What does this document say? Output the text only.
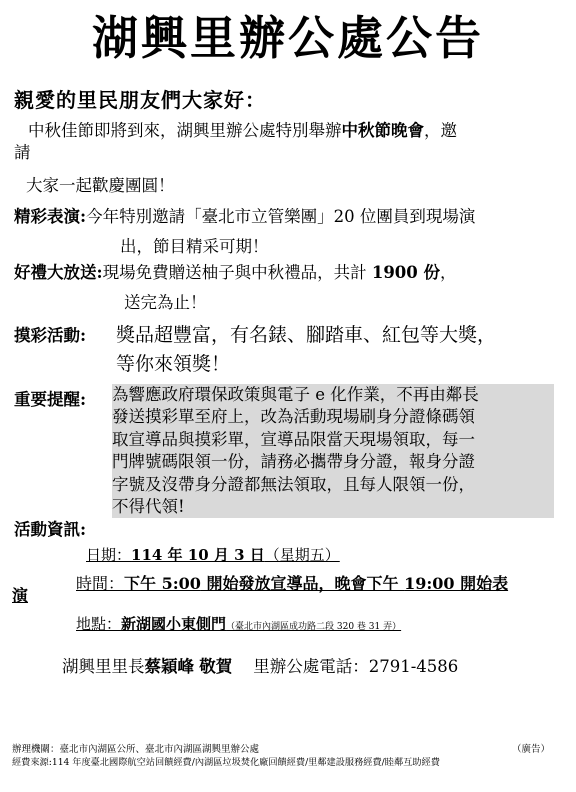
湖興里辦公處公告
親愛的里民朋友們大家好：
中秋佳節即將到來，湖興里辦公處特別舉辦中秋節晚會，邀
請
大家一起歡慶團圓！
精彩表演:今年特別邀請「臺北市立管樂團」20 位團員到現場演
出，節目精采可期！
好禮大放送:現場免費贈送柚子與中秋禮品，共計 1900 份，
送完為止！
摸彩活動: 獎品超豐富，有名錶、腳踏車、紅包等大獎，
等你來領獎！
重要提醒: 為響應政府環保政策與電子 e 化作業，不再由鄰長
發送摸彩單至府上，改為活動現場刷身分證條碼領
取宣導品與摸彩單，宣導品限當天現場領取，每一
門牌號碼限領一份，請務必攜帶身分證，報身分證
字號及沒帶身分證都無法領取，且每人限領一份，
不得代領!
活動資訊:
日期：114 年 10 月 3 日（星期五）
時間：下午 5:00 開始發放宣導品，晚會下午 19:00 開始表
演
地點：新湖國小東側門（臺北市內湖區成功路二段 320 巷 31 弄）
湖興里里長蔡穎峰 敬賀 里辦公處電話：2791-4586
辦理機關：臺北市內湖區公所、臺北市內湖區湖興里辦公處	（廣告）
經費來源:114 年度臺北國際航空站回饋經費/內湖區垃圾焚化廠回饋經費/里鄰建設服務經費/睦鄰互助經費
